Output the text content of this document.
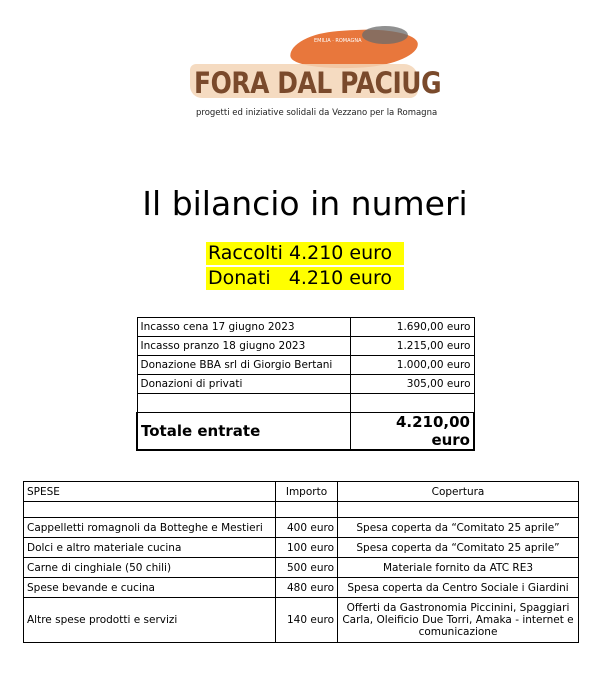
EMILIA · ROMAGNA
FORA DAL PACIUG
progetti ed iniziative solidali da Vezzano per la Romagna
Il bilancio in numeri
Raccolti 4.210 euro
Donati   4.210 euro
Incasso cena 17 giugno 2023	1.690,00 euro
Incasso pranzo 18 giugno 2023	1.215,00 euro
Donazione BBA srl di Giorgio Bertani	1.000,00 euro
Donazioni di privati	305,00 euro

Totale entrate	4.210,00 euro
SPESE	Importo	Copertura

Cappelletti romagnoli da Botteghe e Mestieri	400 euro	Spesa coperta da “Comitato 25 aprile”
Dolci e altro materiale cucina	100 euro	Spesa coperta da “Comitato 25 aprile”
Carne di cinghiale (50 chili)	500 euro	Materiale fornito da ATC RE3
Spese bevande e cucina	480 euro	Spesa coperta da Centro Sociale i Giardini
Altre spese prodotti e servizi	140 euro	Offerti da Gastronomia Piccinini, Spaggiari Carla, Oleificio Due Torri, Amaka - internet e comunicazione
